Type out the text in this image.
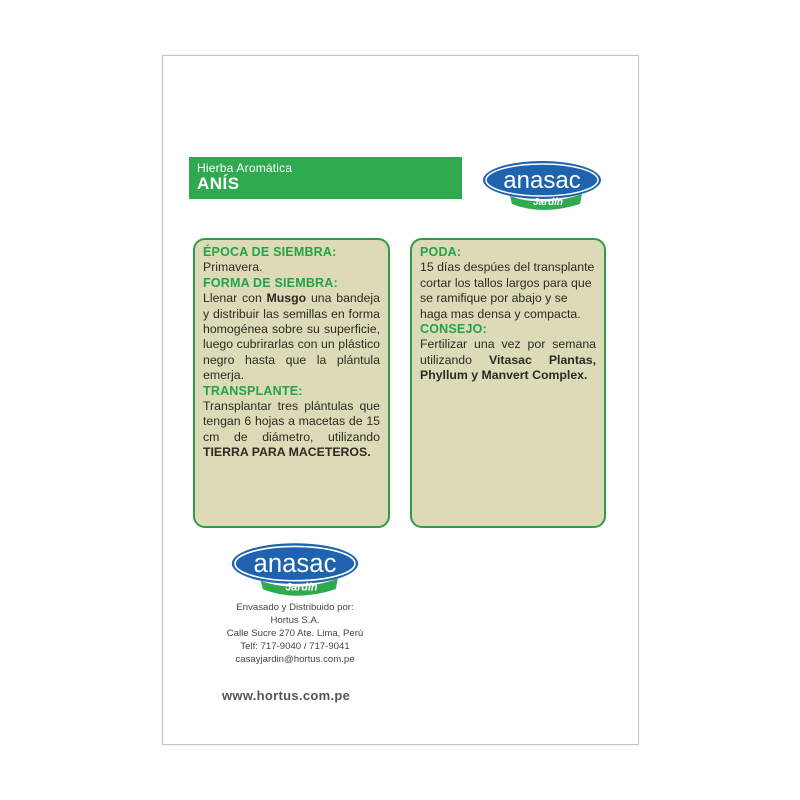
Hierba Aromática
ANÍS	anasac
Jardín
ÉPOCA DE SIEMBRA:

Primavera.

FORMA DE SIEMBRA:

Llenar con Musgo una bandeja y distribuir las semillas en forma homogénea sobre su superficie, luego cubrirarlas con un plástico negro hasta que la plántula emerja.

TRANSPLANTE:

Transplantar tres plántulas que tengan 6 hojas a macetas de 15 cm de diámetro, utilizando TIERRA PARA MACETEROS.

PODA:

15 días despúes del transplante cortar los tallos largos para que se ramifique por abajo y se haga mas densa y compacta.

CONSEJO:

Fertilizar una vez por semana utilizando Vitasac Plantas, Phyllum y Manvert Complex.

anasac
Jardín
Envasado y Distribuido por:
Hortus S.A.
Calle Sucre 270 Ate. Lima, Perú
Telf: 717-9040 / 717-9041
casayjardin@hortus.com.pe
www.hortus.com.pe
